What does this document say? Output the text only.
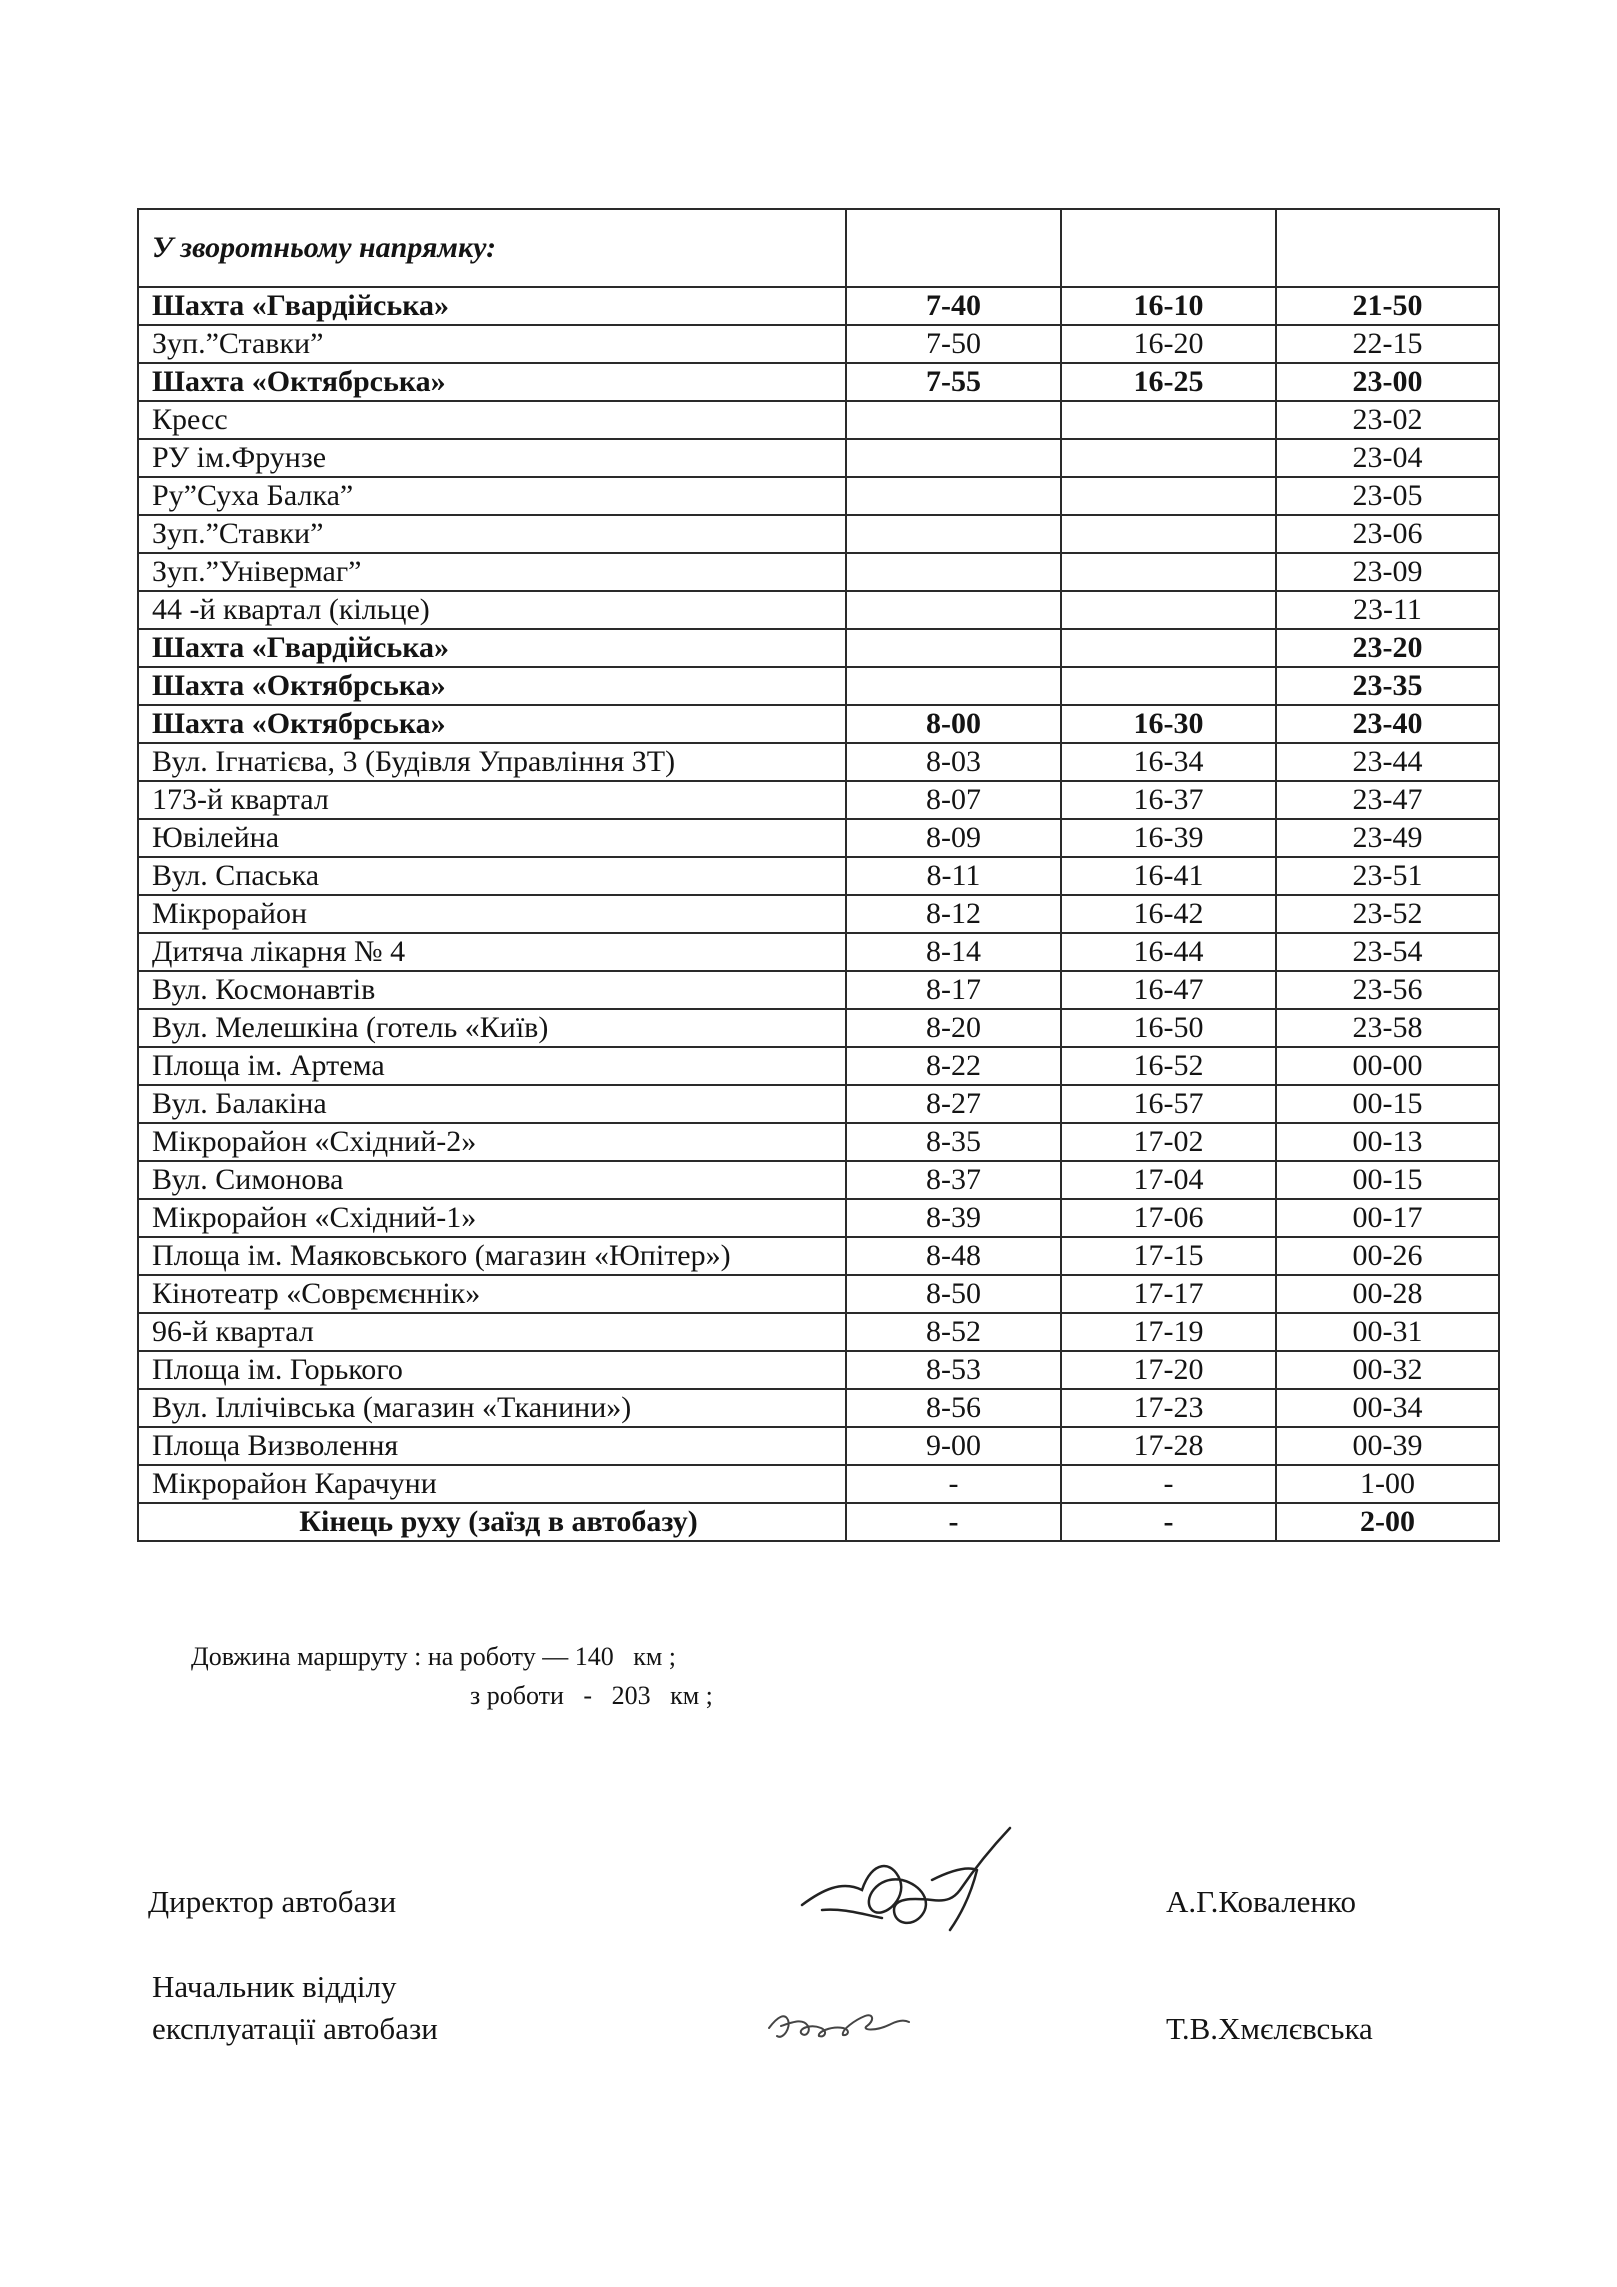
У зворотньому напрямку:			
Шахта «Гвардійська»	7-40	16-10	21-50
Зуп.”Ставки”	7-50	16-20	22-15
Шахта «Октябрська»	7-55	16-25	23-00
Кресс			23-02
РУ ім.Фрунзе			23-04
Ру”Суха Балка”			23-05
Зуп.”Ставки”			23-06
Зуп.”Універмаг”			23-09
44 -й квартал (кільце)			23-11
Шахта «Гвардійська»			23-20
Шахта «Октябрська»			23-35
Шахта «Октябрська»	8-00	16-30	23-40
Вул. Ігнатієва, 3 (Будівля Управління ЗТ)	8-03	16-34	23-44
173-й квартал	8-07	16-37	23-47
Ювілейна	8-09	16-39	23-49
Вул. Спаська	8-11	16-41	23-51
Мікрорайон	8-12	16-42	23-52
Дитяча лікарня № 4	8-14	16-44	23-54
Вул. Космонавтів	8-17	16-47	23-56
Вул. Мелешкіна (готель «Київ)	8-20	16-50	23-58
Площа ім. Артема	8-22	16-52	00-00
Вул. Балакіна	8-27	16-57	00-15
Мікрорайон «Східний-2»	8-35	17-02	00-13
Вул. Симонова	8-37	17-04	00-15
Мікрорайон «Східний-1»	8-39	17-06	00-17
Площа ім. Маяковського (магазин «Юпітер»)	8-48	17-15	00-26
Кінотеатр «Соврємєннік»	8-50	17-17	00-28
96-й квартал	8-52	17-19	00-31
Площа ім. Горького	8-53	17-20	00-32
Вул. Іллічівська (магазин «Тканини»)	8-56	17-23	00-34
Площа Визволення	9-00	17-28	00-39
Мікрорайон Карачуни	-	-	1-00
Кінець руху (заїзд в автобазу)	-	-	2-00
Довжина маршруту : на роботу — 140   км ;
з роботи   -   203   км ;
Директор автобази	А.Г.Коваленко
Начальник відділу
експлуатації автобази	Т.В.Хмєлєвська
